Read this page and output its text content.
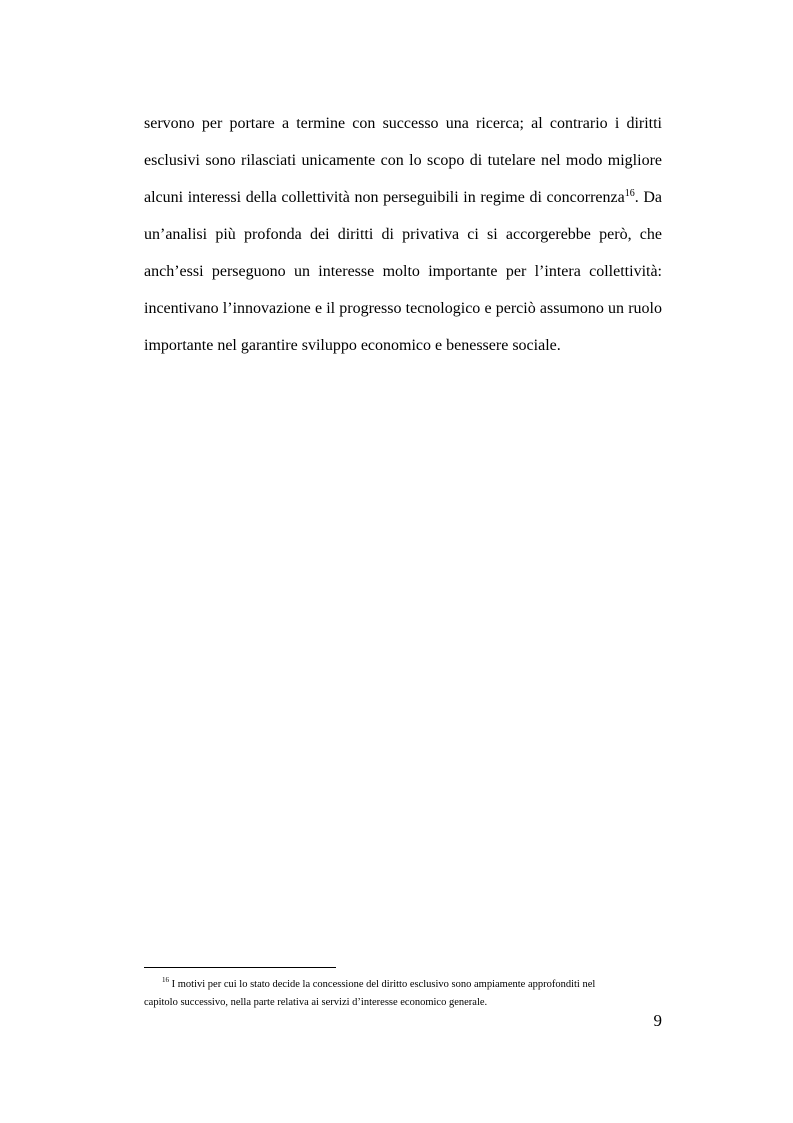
servono per portare a termine con successo una ricerca; al contrario i diritti
esclusivi sono rilasciati unicamente con lo scopo di tutelare nel modo migliore
alcuni interessi della collettività non perseguibili in regime di concorrenza$^{16}$. Da
un’analisi più profonda dei diritti di privativa ci si accorgerebbe però, che
anch’essi perseguono un interesse molto importante per l’intera collettività:
incentivano l’innovazione e il progresso tecnologico e perciò assumono un ruolo
importante nel garantire sviluppo economico e benessere sociale.
$^{16}$ I motivi per cui lo stato decide la concessione del diritto esclusivo sono ampiamente approfonditi nel
capitolo successivo, nella parte relativa ai servizi d’interesse economico generale.
9
